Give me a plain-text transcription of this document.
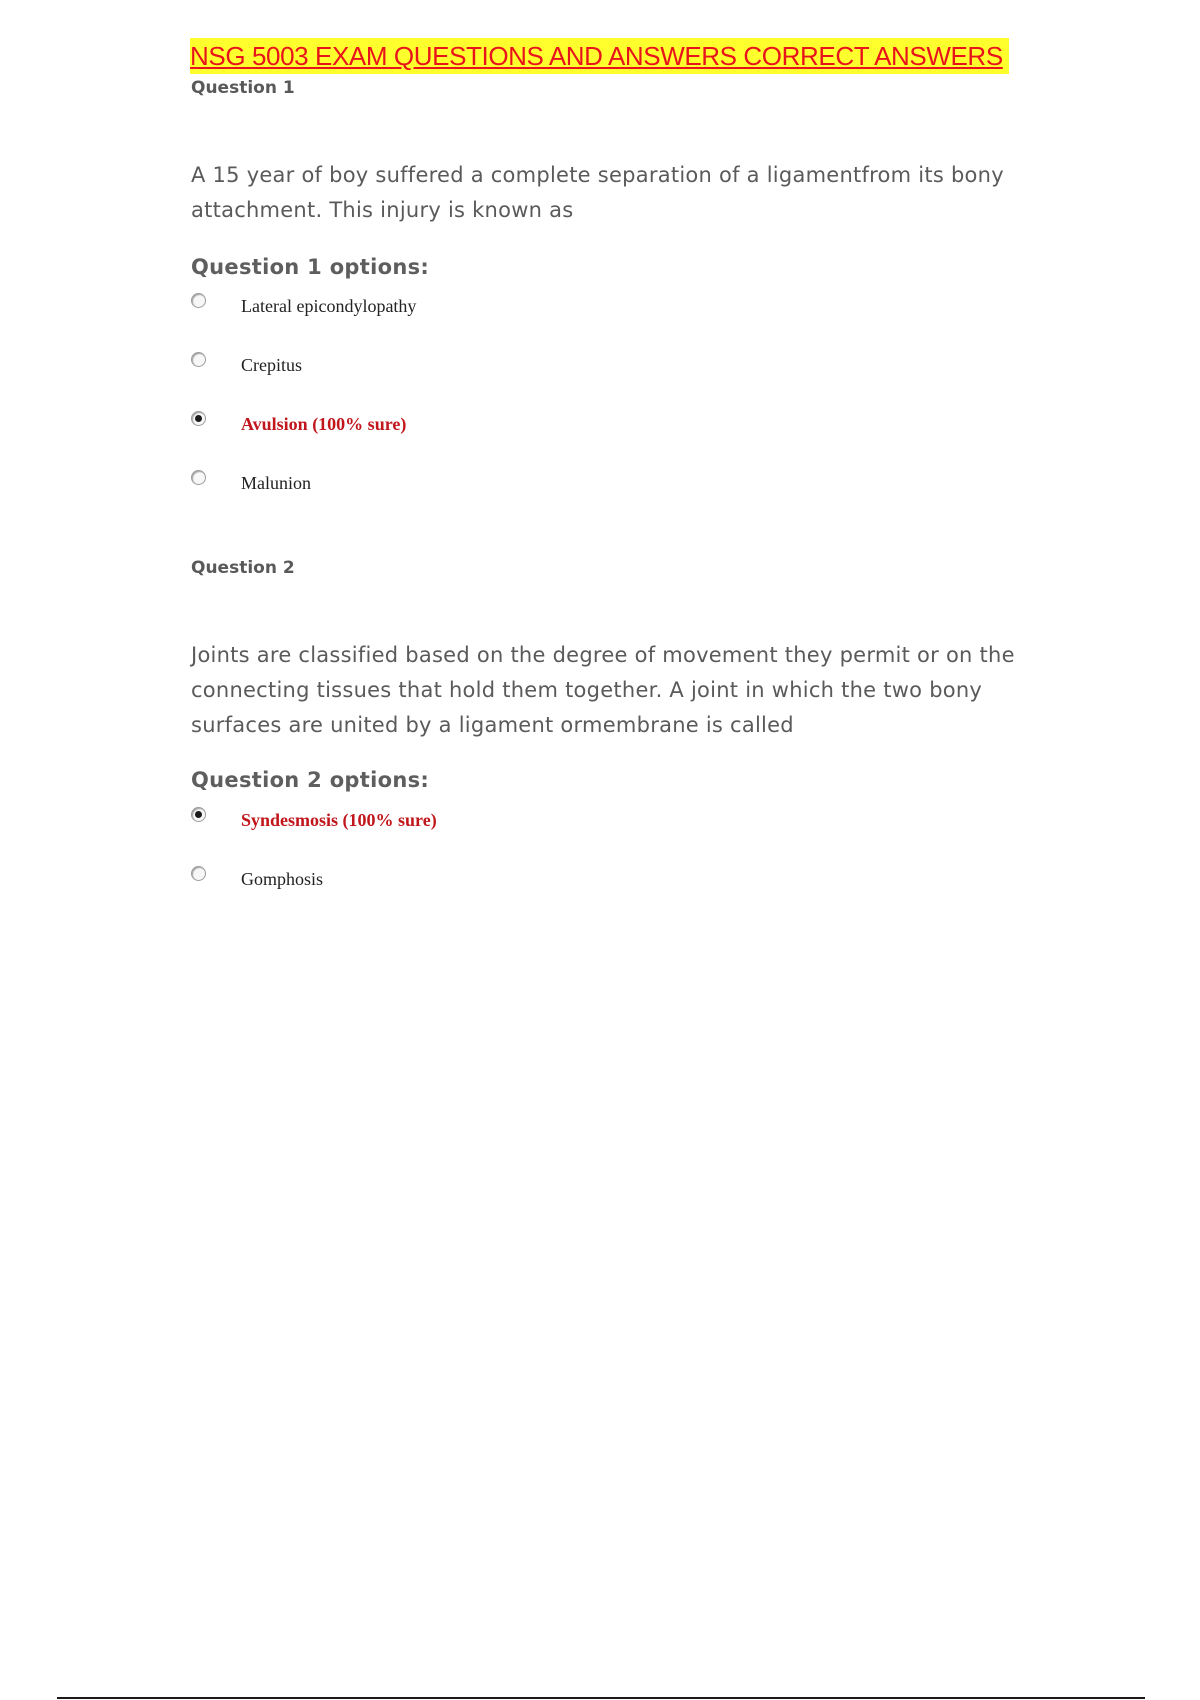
NSG 5003 EXAM QUESTIONS AND ANSWERS CORRECT ANSWERS
Question 1

A 15 year of boy suffered a complete separation of a ligamentfrom its bony attachment. This injury is known as

Question 1 options:
Lateral epicondylopathy
Crepitus
Avulsion (100% sure)
Malunion
Question 2

Joints are classified based on the degree of movement they permit or on the connecting tissues that hold them together. A joint in which the two bony surfaces are united by a ligament ormembrane is called

Question 2 options:
Syndesmosis (100% sure)
Gomphosis
